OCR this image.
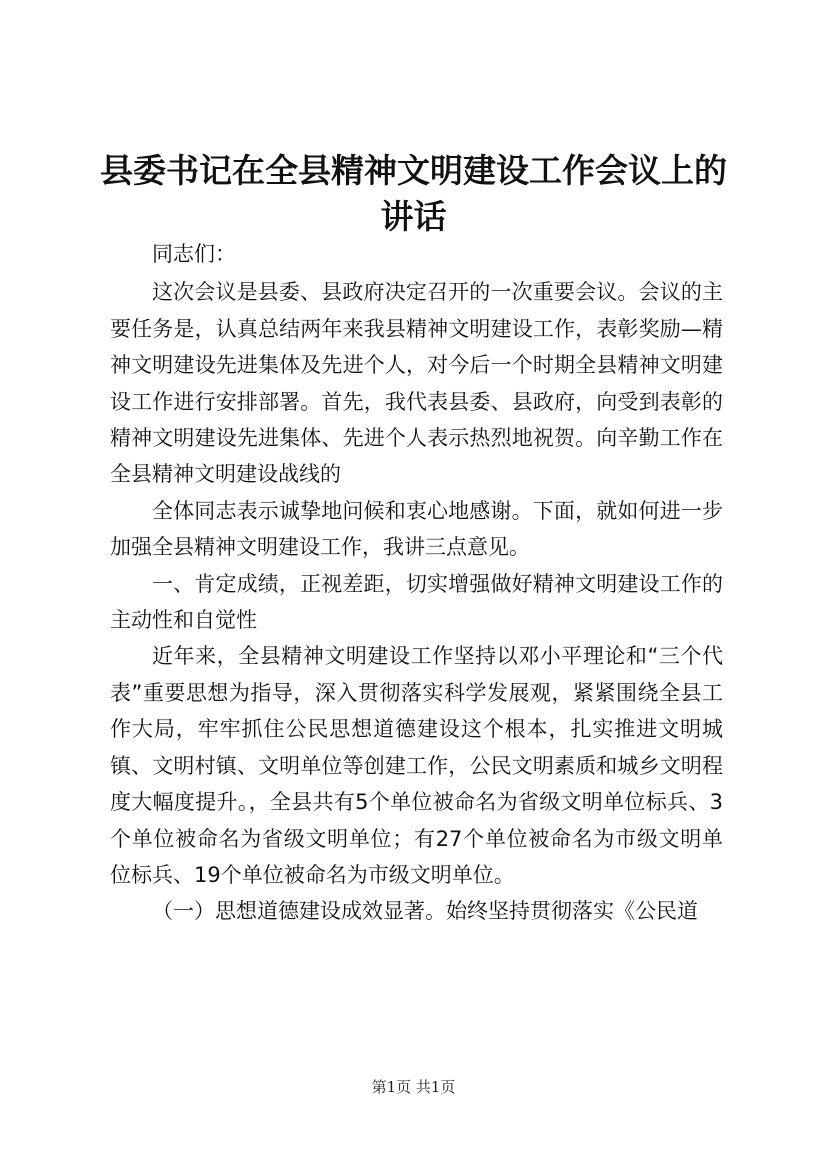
县委书记在全县精神文明建设工作会议上的讲话

同志们：

这次会议是县委、县政府决定召开的一次重要会议。会议的主要任务是，认真总结两年来我县精神文明建设工作，表彰奖励—精神文明建设先进集体及先进个人，对今后一个时期全县精神文明建设工作进行安排部署。首先，我代表县委、县政府，向受到表彰的精神文明建设先进集体、先进个人表示热烈地祝贺。向辛勤工作在全县精神文明建设战线的

全体同志表示诚挚地问候和衷心地感谢。下面，就如何进一步加强全县精神文明建设工作，我讲三点意见。

一、肯定成绩，正视差距，切实增强做好精神文明建设工作的主动性和自觉性

近年来，全县精神文明建设工作坚持以邓小平理论和“三个代表”重要思想为指导，深入贯彻落实科学发展观，紧紧围绕全县工作大局，牢牢抓住公民思想道德建设这个根本，扎实推进文明城镇、文明村镇、文明单位等创建工作，公民文明素质和城乡文明程度大幅度提升。，全县共有5个单位被命名为省级文明单位标兵、3个单位被命名为省级文明单位；有27个单位被命名为市级文明单位标兵、19个单位被命名为市级文明单位。

（一）思想道德建设成效显著。始终坚持贯彻落实《公民道

第1页 共1页
